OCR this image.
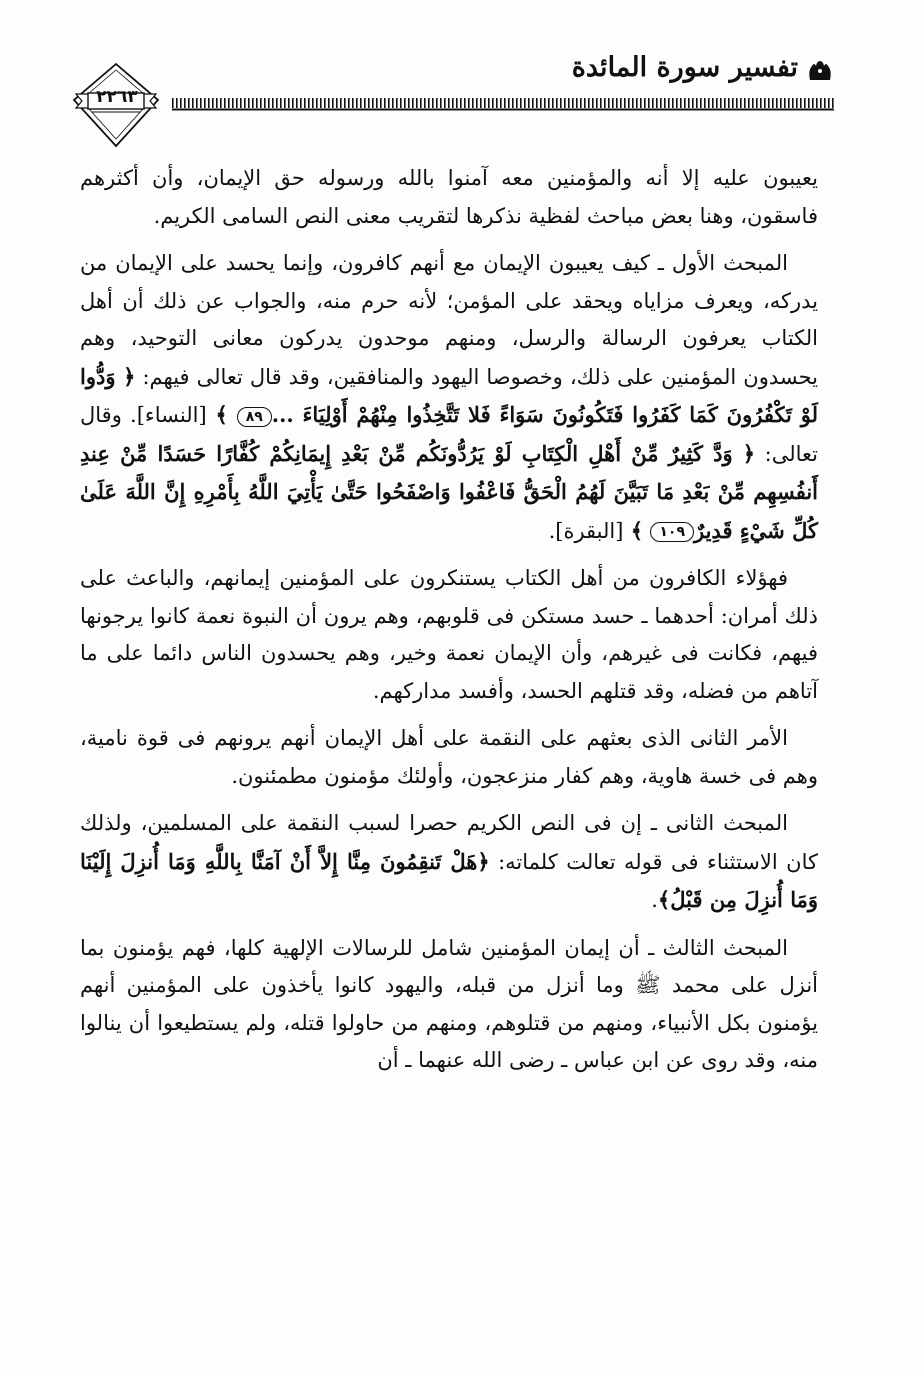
تفسير سورة المائدة
٢٢٦٣

يعيبون عليه إلا أنه والمؤمنين معه آمنوا بالله ورسوله حق الإيمان، وأن أكثرهم فاسقون، وهنا بعض مباحث لفظية نذكرها لتقريب معنى النص السامى الكريم.

المبحث الأول ـ كيف يعيبون الإيمان مع أنهم كافرون، وإنما يحسد على الإيمان من يدركه، ويعرف مزاياه ويحقد على المؤمن؛ لأنه حرم منه، والجواب عن ذلك أن أهل الكتاب يعرفون الرسالة والرسل، ومنهم موحدون يدركون معانى التوحيد، وهم يحسدون المؤمنين على ذلك، وخصوصا اليهود والمنافقين، وقد قال تعالى فيهم: ﴿ وَدُّوا لَوْ تَكْفُرُونَ كَمَا كَفَرُوا فَتَكُونُونَ سَوَاءً فَلا تَتَّخِذُوا مِنْهُمْ أَوْلِيَاءَ ...٨٩ ﴾ [النساء]. وقال تعالى: ﴿ وَدَّ كَثِيرٌ مِّنْ أَهْلِ الْكِتَابِ لَوْ يَرُدُّونَكُم مِّنْ بَعْدِ إِيمَانِكُمْ كُفَّارًا حَسَدًا مِّنْ عِندِ أَنفُسِهِم مِّنْ بَعْدِ مَا تَبَيَّنَ لَهُمُ الْحَقُّ فَاعْفُوا وَاصْفَحُوا حَتَّىٰ يَأْتِيَ اللَّهُ بِأَمْرِهِ إِنَّ اللَّهَ عَلَىٰ كُلِّ شَيْءٍ قَدِيرٌ١٠٩ ﴾ [البقرة].

فهؤلاء الكافرون من أهل الكتاب يستنكرون على المؤمنين إيمانهم، والباعث على ذلك أمران: أحدهما ـ حسد مستكن فى قلوبهم، وهم يرون أن النبوة نعمة كانوا يرجونها فيهم، فكانت فى غيرهم، وأن الإيمان نعمة وخير، وهم يحسدون الناس دائما على ما آتاهم من فضله، وقد قتلهم الحسد، وأفسد مداركهم.

الأمر الثانى الذى بعثهم على النقمة على أهل الإيمان أنهم يرونهم فى قوة نامية، وهم فى خسة هاوية، وهم كفار منزعجون، وأولئك مؤمنون مطمئنون.

المبحث الثانى ـ إن فى النص الكريم حصرا لسبب النقمة على المسلمين، ولذلك كان الاستثناء فى قوله تعالت كلماته: ﴿هَلْ تَنقِمُونَ مِنَّا إِلاَّ أَنْ آمَنَّا بِاللَّهِ وَمَا أُنزِلَ إِلَيْنَا وَمَا أُنزِلَ مِن قَبْلُ﴾.

المبحث الثالث ـ أن إيمان المؤمنين شامل للرسالات الإلهية كلها، فهم يؤمنون بما أنزل على محمد ﷺ وما أنزل من قبله، واليهود كانوا يأخذون على المؤمنين أنهم يؤمنون بكل الأنبياء، ومنهم من قتلوهم، ومنهم من حاولوا قتله، ولم يستطيعوا أن ينالوا منه، وقد روى عن ابن عباس ـ رضى الله عنهما ـ أن
